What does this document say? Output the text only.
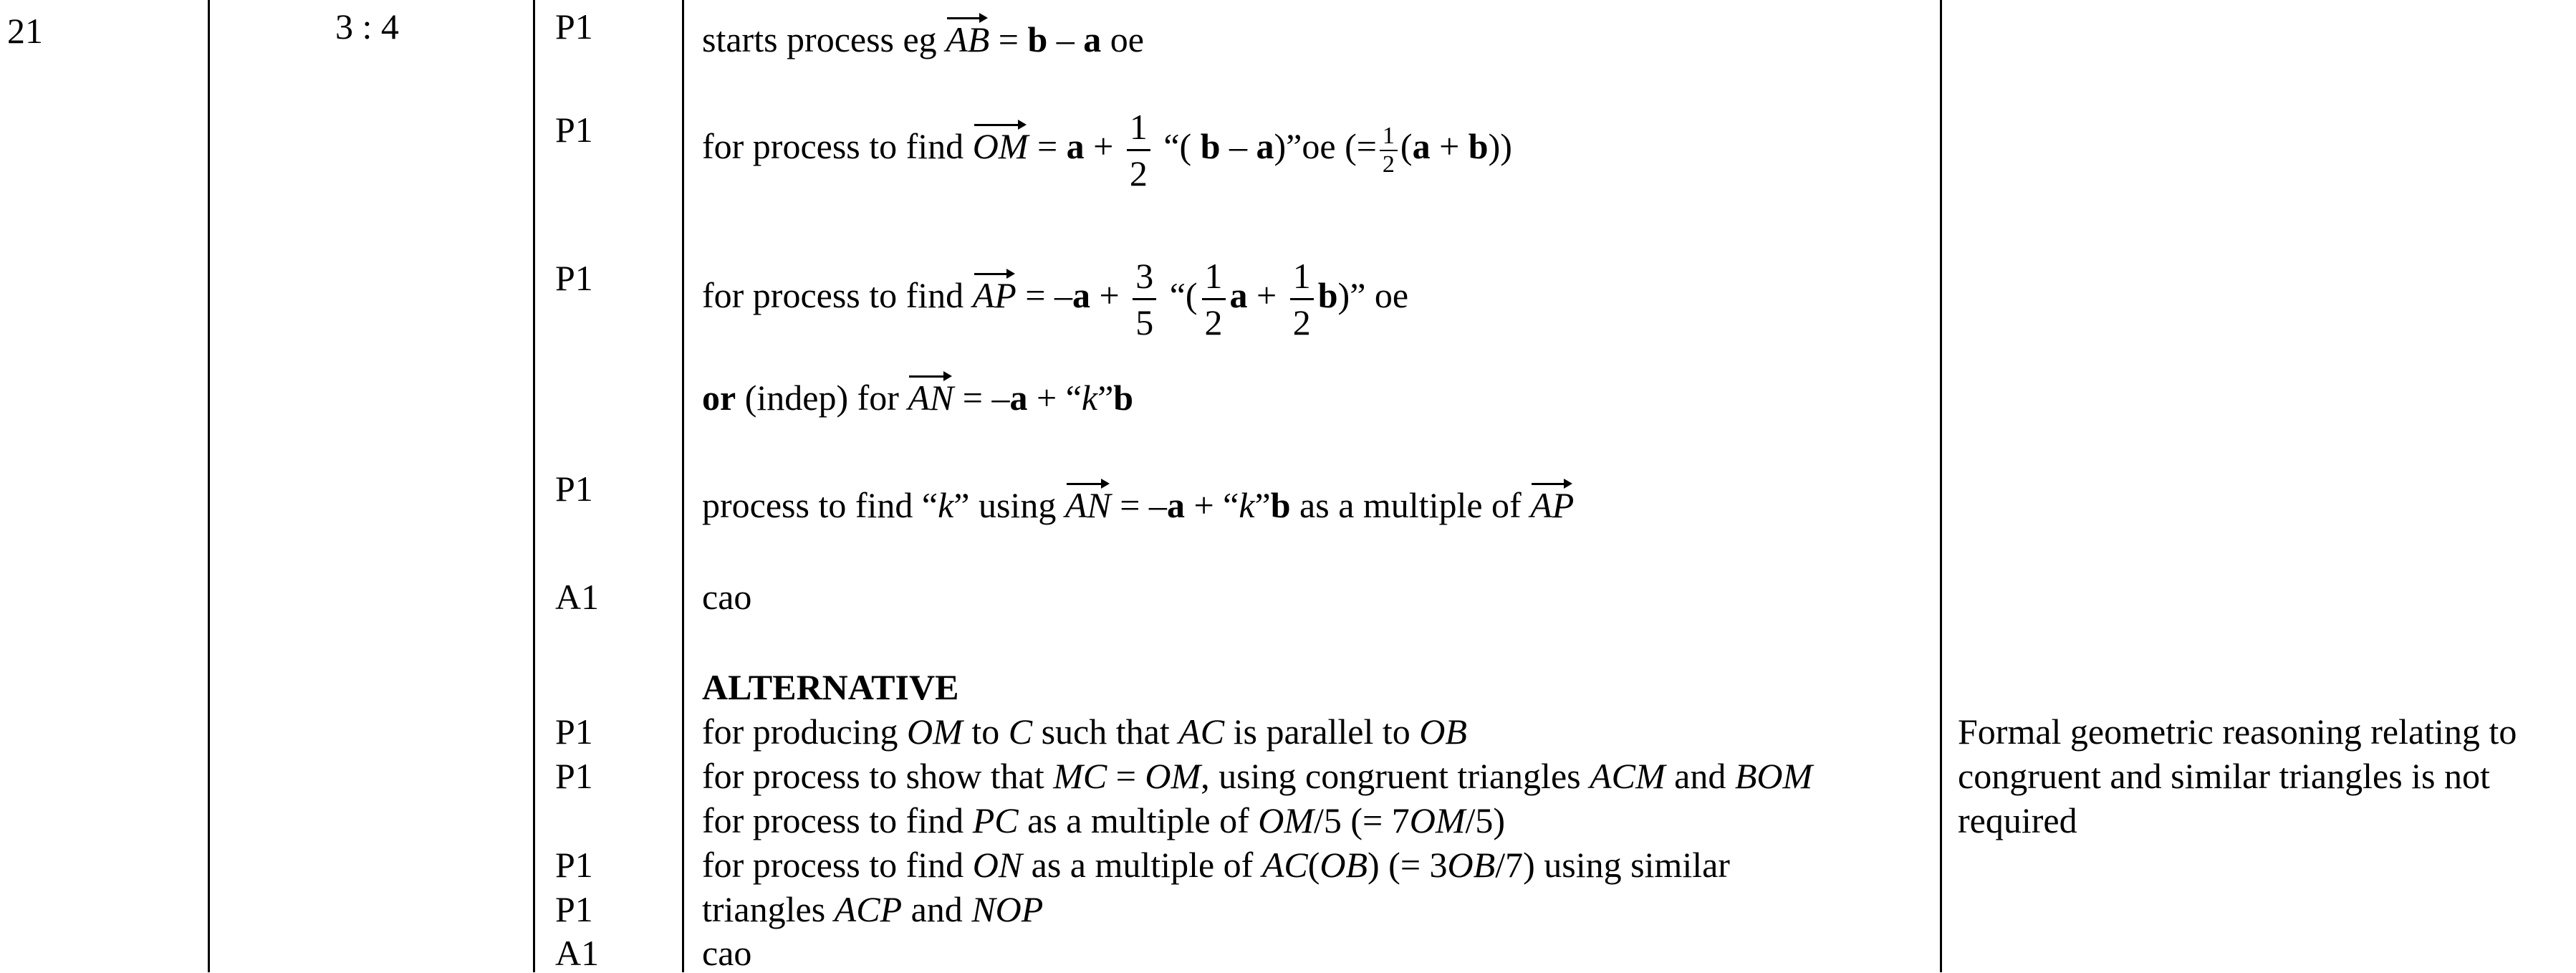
21	3 : 4	P1
P1
P1
P1
A1
P1
P1
P1
P1
A1
starts process eg AB = b – a oe
for process to find OM = $a + \frac{1}{2}$ “( b – a)”oe (= $\frac{1}{2} (a + b)$)
for process to find AP = $-a + \frac{3}{5}$ “( $\frac{1}{2}$ $a + \frac{1}{2} b$)” oe
or (indep) for AN = –a + “k”b
process to find “k” using AN = –a + “k”b as a multiple of AP
cao
ALTERNATIVE
for producing OM to C such that AC is parallel to OB
for process to show that MC = OM, using congruent triangles ACM and BOM
for process to find PC as a multiple of OM/5 (= 7OM/5)
for process to find ON as a multiple of AC(OB) (= 3OB/7) using similar
triangles ACP and NOP
cao
Formal geometric reasoning relating to
congruent and similar triangles is not
required
